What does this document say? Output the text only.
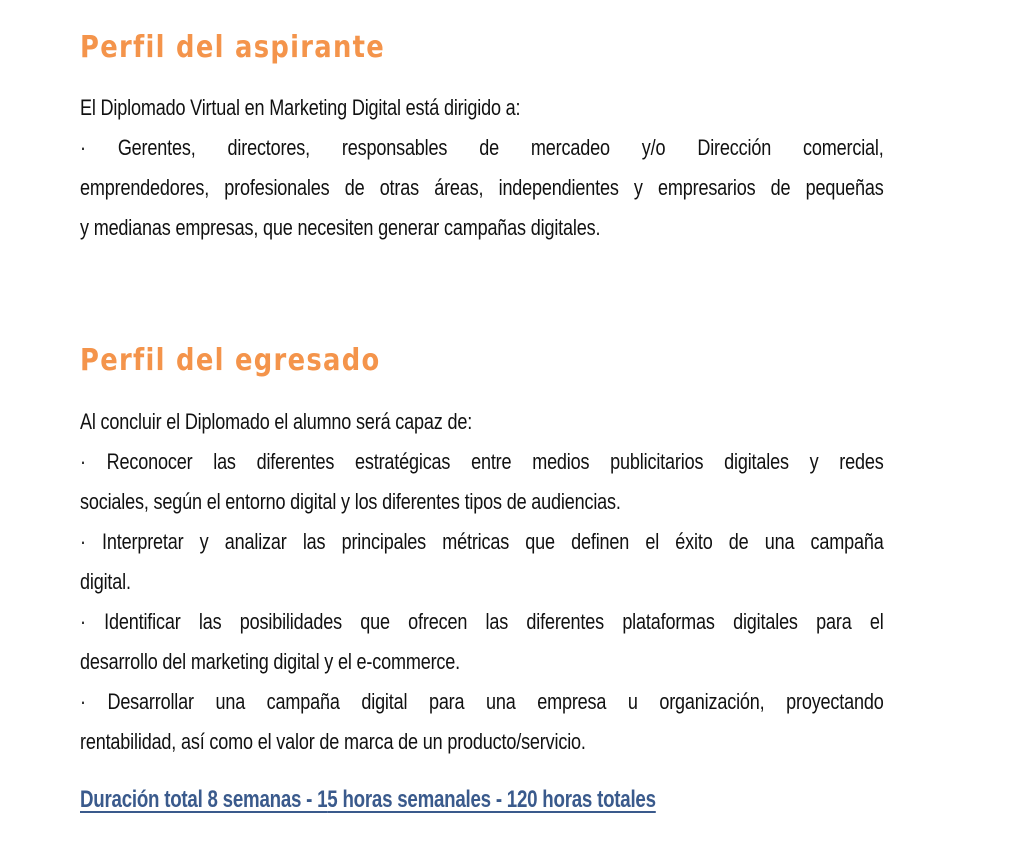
Perfil del aspirante
El Diplomado Virtual en Marketing Digital está dirigido a:
· Gerentes, directores, responsables de mercadeo y/o Dirección comercial,
emprendedores, profesionales de otras áreas, independientes y empresarios de pequeñas
y medianas empresas, que necesiten generar campañas digitales.
Perfil del egresado
Al concluir el Diplomado el alumno será capaz de:
· Reconocer las diferentes estratégicas entre medios publicitarios digitales y redes
sociales, según el entorno digital y los diferentes tipos de audiencias.
· Interpretar y analizar las principales métricas que definen el éxito de una campaña
digital.
· Identificar las posibilidades que ofrecen las diferentes plataformas digitales para el
desarrollo del marketing digital y el e-commerce.
· Desarrollar una campaña digital para una empresa u organización, proyectando
rentabilidad, así como el valor de marca de un producto/servicio.
Duración total 8 semanas - 15 horas semanales - 120 horas totales
